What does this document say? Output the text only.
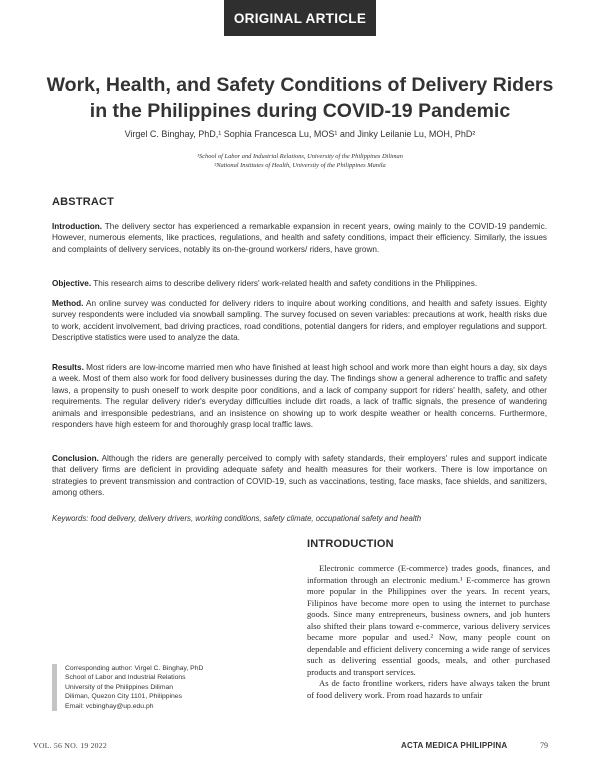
ORIGINAL ARTICLE
Work, Health, and Safety Conditions of Delivery Riders
in the Philippines during COVID-19 Pandemic
Virgel C. Binghay, PhD,¹ Sophia Francesca Lu, MOS¹ and Jinky Leilanie Lu, MOH, PhD²
¹School of Labor and Industrial Relations, University of the Philippines Diliman
²National Institutes of Health, University of the Philippines Manila
ABSTRACT
Introduction. The delivery sector has experienced a remarkable expansion in recent years, owing mainly to the COVID-19 pandemic. However, numerous elements, like practices, regulations, and health and safety conditions, impact their efficiency. Similarly, the issues and complaints of delivery services, notably its on-the-ground workers/ riders, have grown.
Objective. This research aims to describe delivery riders' work-related health and safety conditions in the Philippines.
Method. An online survey was conducted for delivery riders to inquire about working conditions, and health and safety issues. Eighty survey respondents were included via snowball sampling. The survey focused on seven variables: precautions at work, health risks due to work, accident involvement, bad driving practices, road conditions, potential dangers for riders, and employer regulations and support. Descriptive statistics were used to analyze the data.
Results. Most riders are low-income married men who have finished at least high school and work more than eight hours a day, six days a week. Most of them also work for food delivery businesses during the day. The findings show a general adherence to traffic and safety laws, a propensity to push oneself to work despite poor conditions, and a lack of company support for riders' health, safety, and other requirements. The regular delivery rider's everyday difficulties include dirt roads, a lack of traffic signals, the presence of wandering animals and irresponsible pedestrians, and an insistence on showing up to work despite weather or health concerns. Furthermore, responders have high esteem for and thoroughly grasp local traffic laws.
Conclusion. Although the riders are generally perceived to comply with safety standards, their employers' rules and support indicate that delivery firms are deficient in providing adequate safety and health measures for their workers. There is low importance on strategies to prevent transmission and contraction of COVID-19, such as vaccinations, testing, face masks, face shields, and sanitizers, among others.
Keywords: food delivery, delivery drivers, working conditions, safety climate, occupational safety and health
INTRODUCTION

Electronic commerce (E-commerce) trades goods, finances, and information through an electronic medium.¹ E-commerce has grown more popular in the Philippines over the years. In recent years, Filipinos have become more open to using the internet to purchase goods. Since many entrepreneurs, business owners, and job hunters also shifted their plans toward e-commerce, various delivery services became more popular and used.² Now, many people count on dependable and efficient delivery concerning a wide range of services such as delivering essential goods, meals, and other purchased products and transport services.

As de facto frontline workers, riders have always taken the brunt of food delivery work. From road hazards to unfair

Corresponding author: Virgel C. Binghay, PhD
School of Labor and Industrial Relations
University of the Philippines Diliman
Diliman, Quezon City 1101, Philippines
Email: vcbinghay@up.edu.ph
VOL. 56 NO. 19 2022	ACTA MEDICA PHILIPPINA	79
